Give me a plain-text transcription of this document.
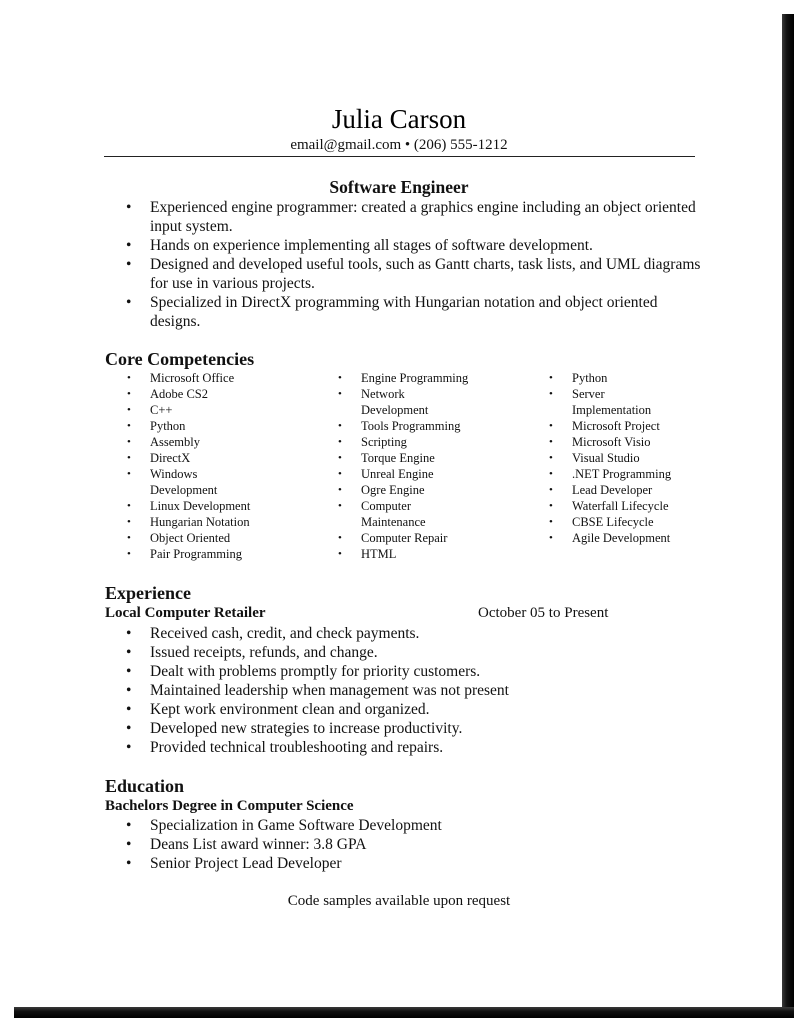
Julia Carson
email@gmail.com • (206) 555-1212
Software Engineer
• Experienced engine programmer: created a graphics engine including an object oriented input system.
• Hands on experience implementing all stages of software development.
• Designed and developed useful tools, such as Gantt charts, task lists, and UML diagrams for use in various projects.
• Specialized in DirectX programming with Hungarian notation and object oriented designs.
Core Competencies
• Microsoft Office
• Adobe CS2
• C++
• Python
• Assembly
• DirectX
• Windows Development
• Linux Development
• Hungarian Notation
• Object Oriented
• Pair Programming
• Engine Programming
• Network Development
• Tools Programming
• Scripting
• Torque Engine
• Unreal Engine
• Ogre Engine
• Computer Maintenance
• Computer Repair
• HTML
• Python
• Server Implementation
• Microsoft Project
• Microsoft Visio
• Visual Studio
• .NET Programming
• Lead Developer
• Waterfall Lifecycle
• CBSE Lifecycle
• Agile Development
Experience
Local Computer Retailer	October 05 to Present
• Received cash, credit, and check payments.
• Issued receipts, refunds, and change.
• Dealt with problems promptly for priority customers.
• Maintained leadership when management was not present
• Kept work environment clean and organized.
• Developed new strategies to increase productivity.
• Provided technical troubleshooting and repairs.
Education
Bachelors Degree in Computer Science
• Specialization in Game Software Development
• Deans List award winner: 3.8 GPA
• Senior Project Lead Developer
Code samples available upon request
